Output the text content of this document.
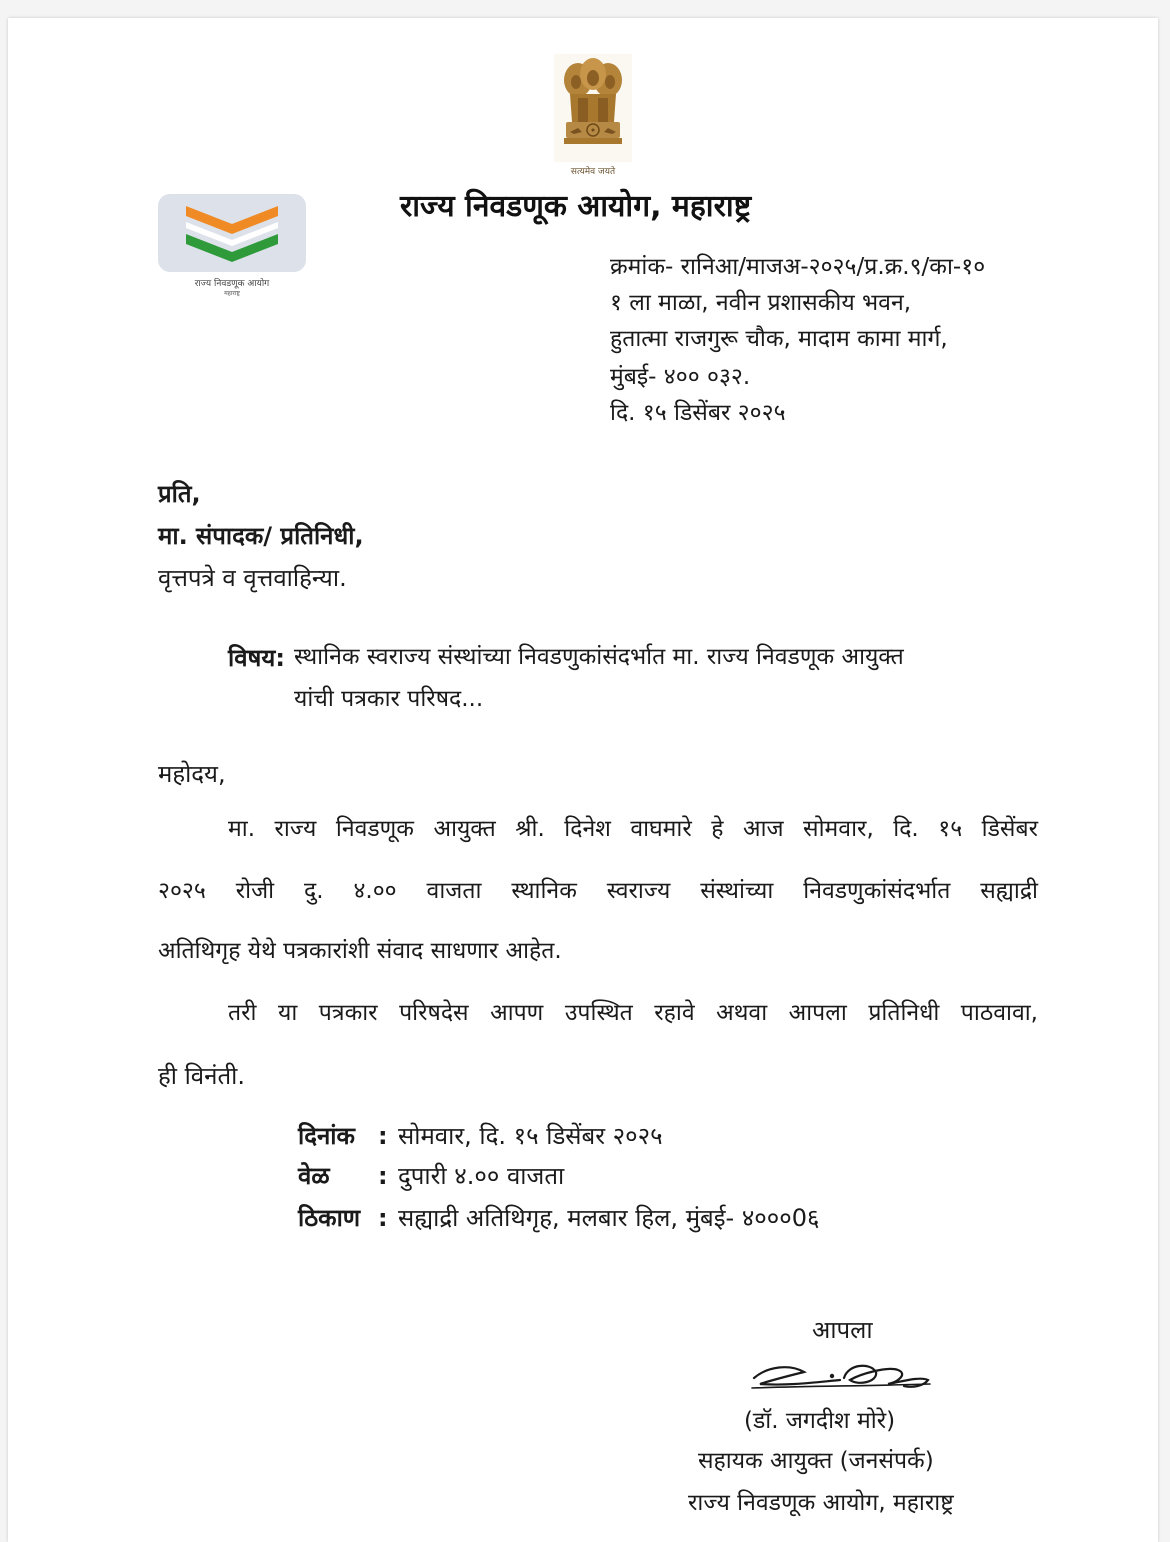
सत्यमेव जयते
राज्य निवडणूक आयोग
महाराष्ट्र
राज्य निवडणूक आयोग, महाराष्ट्र
क्रमांक- रानिआ/माजअ-२०२५/प्र.क्र.९/का-१०
१ ला माळा, नवीन प्रशासकीय भवन,
हुतात्मा राजगुरू चौक, मादाम कामा मार्ग,
मुंबई- ४०० ०३२.
दि. १५ डिसेंबर २०२५
प्रति,
मा. संपादक/ प्रतिनिधी,
वृत्तपत्रे व वृत्तवाहिन्या.
विषय: स्थानिक स्वराज्य संस्थांच्या निवडणुकांसंदर्भात मा. राज्य निवडणूक आयुक्त
यांची पत्रकार परिषद...
महोदय,
मा. राज्य निवडणूक आयुक्त श्री. दिनेश वाघमारे हे आज सोमवार, दि. १५ डिसेंबर
२०२५ रोजी दु. ४.०० वाजता स्थानिक स्वराज्य संस्थांच्या निवडणुकांसंदर्भात सह्याद्री
अतिथिगृह येथे पत्रकारांशी संवाद साधणार आहेत.
तरी या पत्रकार परिषदेस आपण उपस्थित रहावे अथवा आपला प्रतिनिधी पाठवावा,
ही विनंती.
दिनांक : सोमवार, दि. १५ डिसेंबर २०२५
वेळ : दुपारी ४.०० वाजता
ठिकाण : सह्याद्री अतिथिगृह, मलबार हिल, मुंबई- ४०००0६
आपला
(डॉ. जगदीश मोरे)
सहायक आयुक्त (जनसंपर्क)
राज्य निवडणूक आयोग, महाराष्ट्र
